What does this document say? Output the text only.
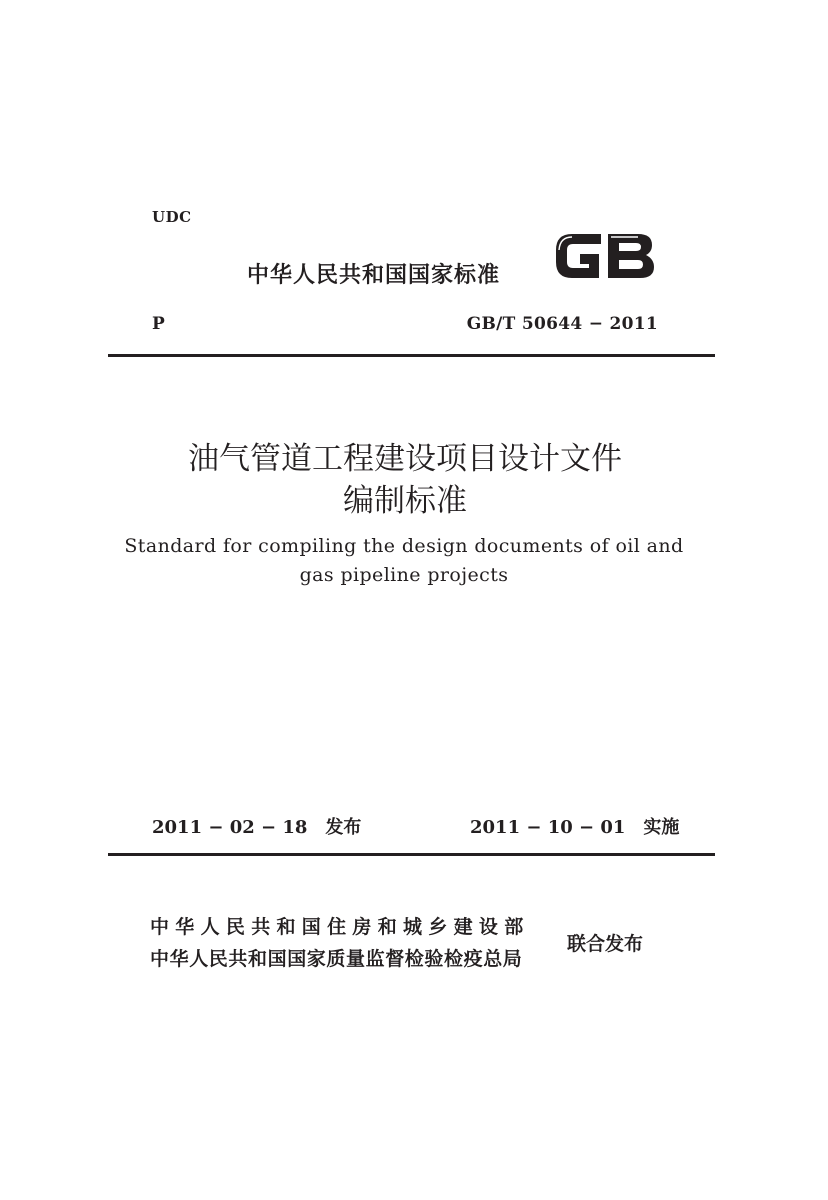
UDC
中华人民共和国国家标准
P	GB/T 50644 − 2011
油气管道工程建设项目设计文件
编制标准
Standard for compiling the design documents of oil and
gas pipeline projects
2011 − 02 − 18　发布	2011 − 10 − 01　实施
中华人民共和国住房和城乡建设部
中华人民共和国国家质量监督检验检疫总局
联合发布
